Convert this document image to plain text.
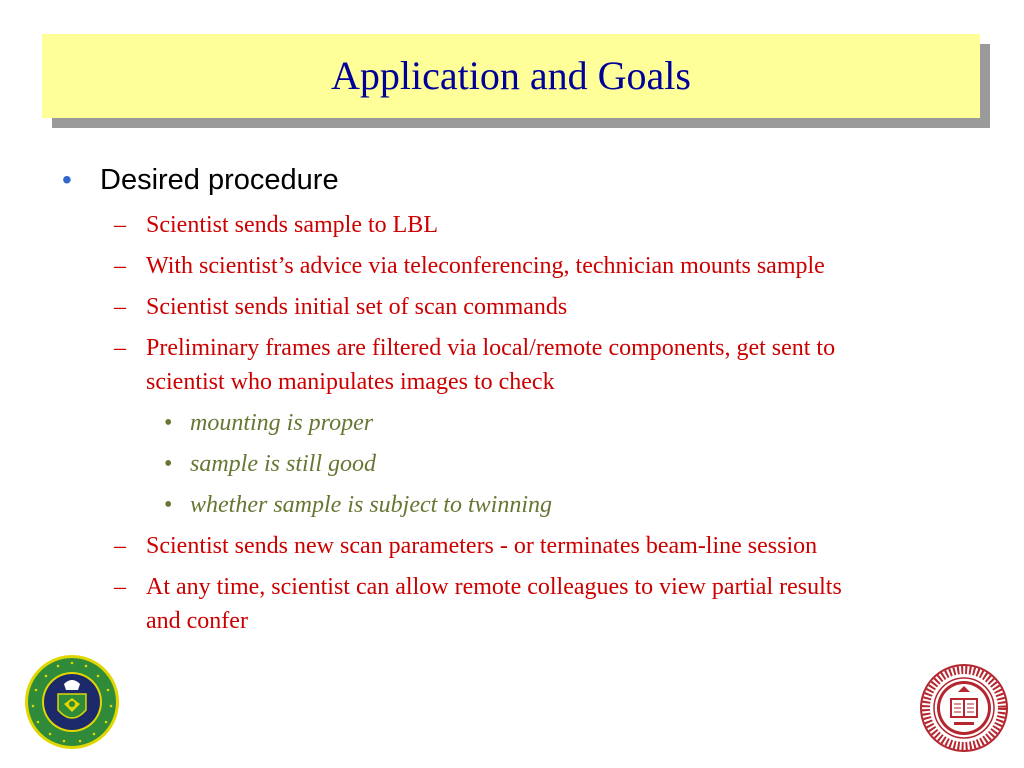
Application and Goals
• Desired procedure
– Scientist sends sample to LBL
– With scientist’s advice via teleconferencing, technician mounts sample
– Scientist sends initial set of scan commands
– Preliminary frames are filtered via local/remote components, get sent to
scientist who manipulates images to check
• mounting is proper
• sample is still good
• whether sample is subject to twinning
– Scientist sends new scan parameters - or terminates beam-line session
– At any time, scientist can allow remote colleagues to view partial results
and confer
